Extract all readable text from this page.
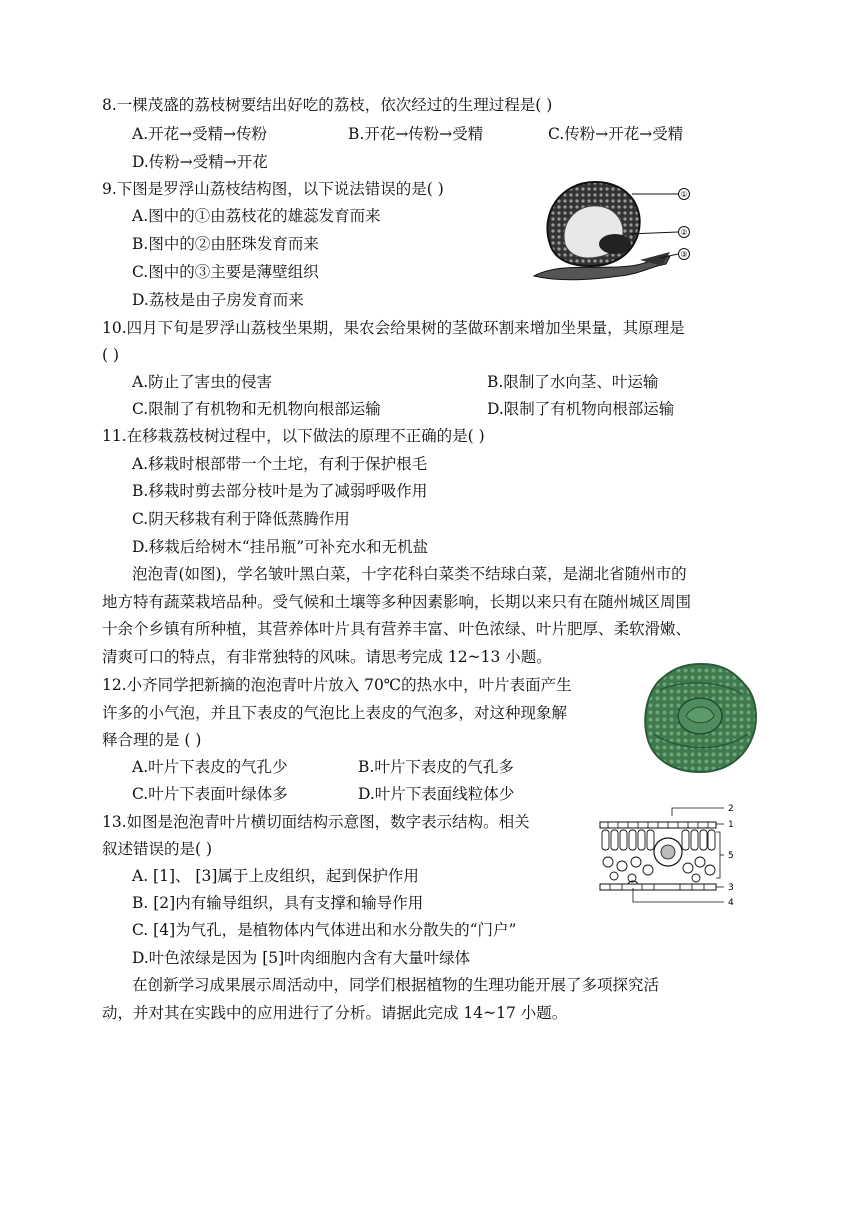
8.一棵茂盛的荔枝树要结出好吃的荔枝，依次经过的生理过程是( )
A.开花→受精→传粉	B.开花→传粉→受精	C.传粉→开花→受精
D.传粉→受精→开花
9.下图是罗浮山荔枝结构图，以下说法错误的是( )
A.图中的①由荔枝花的雄蕊发育而来
B.图中的②由胚珠发育而来
C.图中的③主要是薄壁组织
D.荔枝是由子房发育而来
①
②
③
10.四月下旬是罗浮山荔枝坐果期，果农会给果树的茎做环割来增加坐果量，其原理是
( )
A.防止了害虫的侵害	B.限制了水向茎、叶运输
C.限制了有机物和无机物向根部运输	D.限制了有机物向根部运输
11.在移栽荔枝树过程中，以下做法的原理不正确的是( )
A.移栽时根部带一个土坨，有利于保护根毛
B.移栽时剪去部分枝叶是为了减弱呼吸作用
C.阴天移栽有利于降低蒸腾作用
D.移栽后给树木“挂吊瓶”可补充水和无机盐
泡泡青(如图)，学名皱叶黑白菜，十字花科白菜类不结球白菜，是湖北省随州市的
地方特有蔬菜栽培品种。受气候和土壤等多种因素影响，长期以来只有在随州城区周围
十余个乡镇有所种植，其营养体叶片具有营养丰富、叶色浓绿、叶片肥厚、柔软滑嫩、
清爽可口的特点，有非常独特的风味。请思考完成 12~13 小题。
12.小齐同学把新摘的泡泡青叶片放入 70℃的热水中，叶片表面产生
许多的小气泡，并且下表皮的气泡比上表皮的气泡多，对这种现象解
释合理的是 ( )
A.叶片下表皮的气孔少	B.叶片下表皮的气孔多
C.叶片下表面叶绿体多	D.叶片下表面线粒体少
13.如图是泡泡青叶片横切面结构示意图，数字表示结构。相关
叙述错误的是( )
A. [1]、 [3]属于上皮组织，起到保护作用
B. [2]内有输导组织，具有支撑和输导作用
C. [4]为气孔，是植物体内气体进出和水分散失的“门户”
D.叶色浓绿是因为 [5]叶肉细胞内含有大量叶绿体
2
1
5
3
4
在创新学习成果展示周活动中，同学们根据植物的生理功能开展了多项探究活
动，并对其在实践中的应用进行了分析。请据此完成 14~17 小题。
